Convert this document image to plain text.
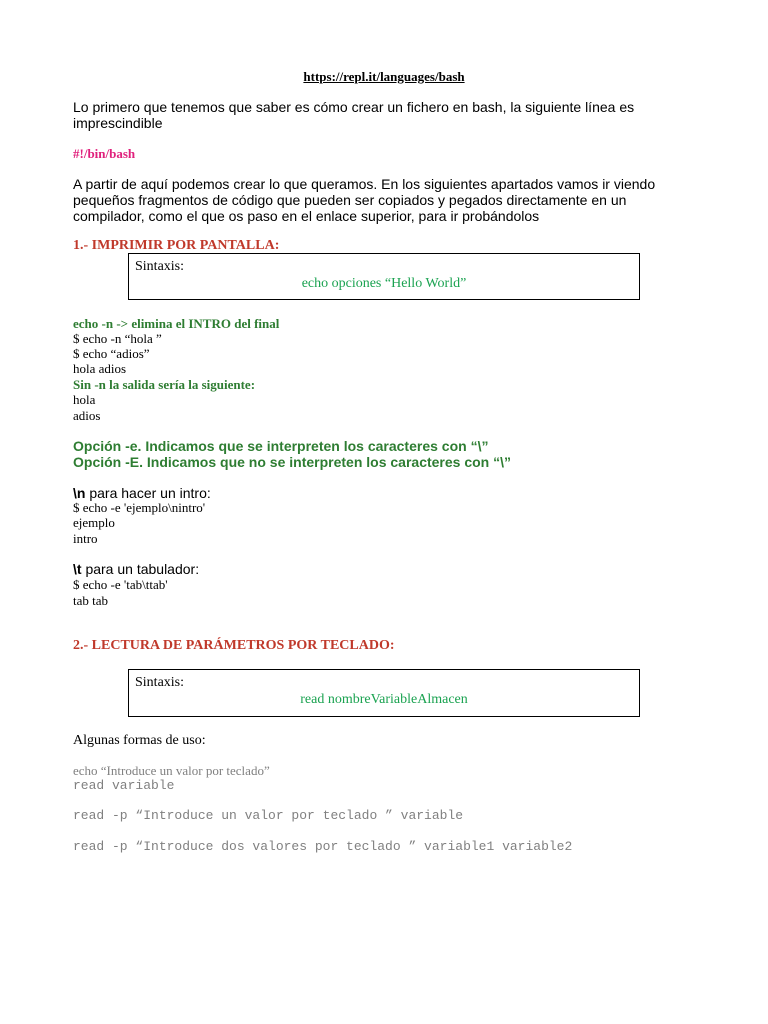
https://repl.it/languages/bash
Lo primero que tenemos que saber es cómo crear un fichero en bash, la siguiente línea es
imprescindible
#!/bin/bash
A partir de aquí podemos crear lo que queramos. En los siguientes apartados vamos ir viendo
pequeños fragmentos de código que pueden ser copiados y pegados directamente en un
compilador, como el que os paso en el enlace superior, para ir probándolos
1.- IMPRIMIR POR PANTALLA:
Sintaxis:
echo opciones “Hello World”
echo -n -> elimina el INTRO del final
$ echo -n “hola ”
$ echo “adios”
hola adios
Sin -n la salida sería la siguiente:
hola
adios
Opción -e. Indicamos que se interpreten los caracteres con “\”
Opción -E. Indicamos que no se interpreten los caracteres con “\”
\n para hacer un intro:
$ echo -e 'ejemplo\nintro'
ejemplo
intro
\t para un tabulador:
$ echo -e 'tab\ttab'
tab tab
2.- LECTURA DE PARÁMETROS POR TECLADO:
Sintaxis:
read nombreVariableAlmacen
Algunas formas de uso:
echo “Introduce un valor por teclado”
read variable
read -p “Introduce un valor por teclado ” variable
read -p “Introduce dos valores por teclado ” variable1 variable2
